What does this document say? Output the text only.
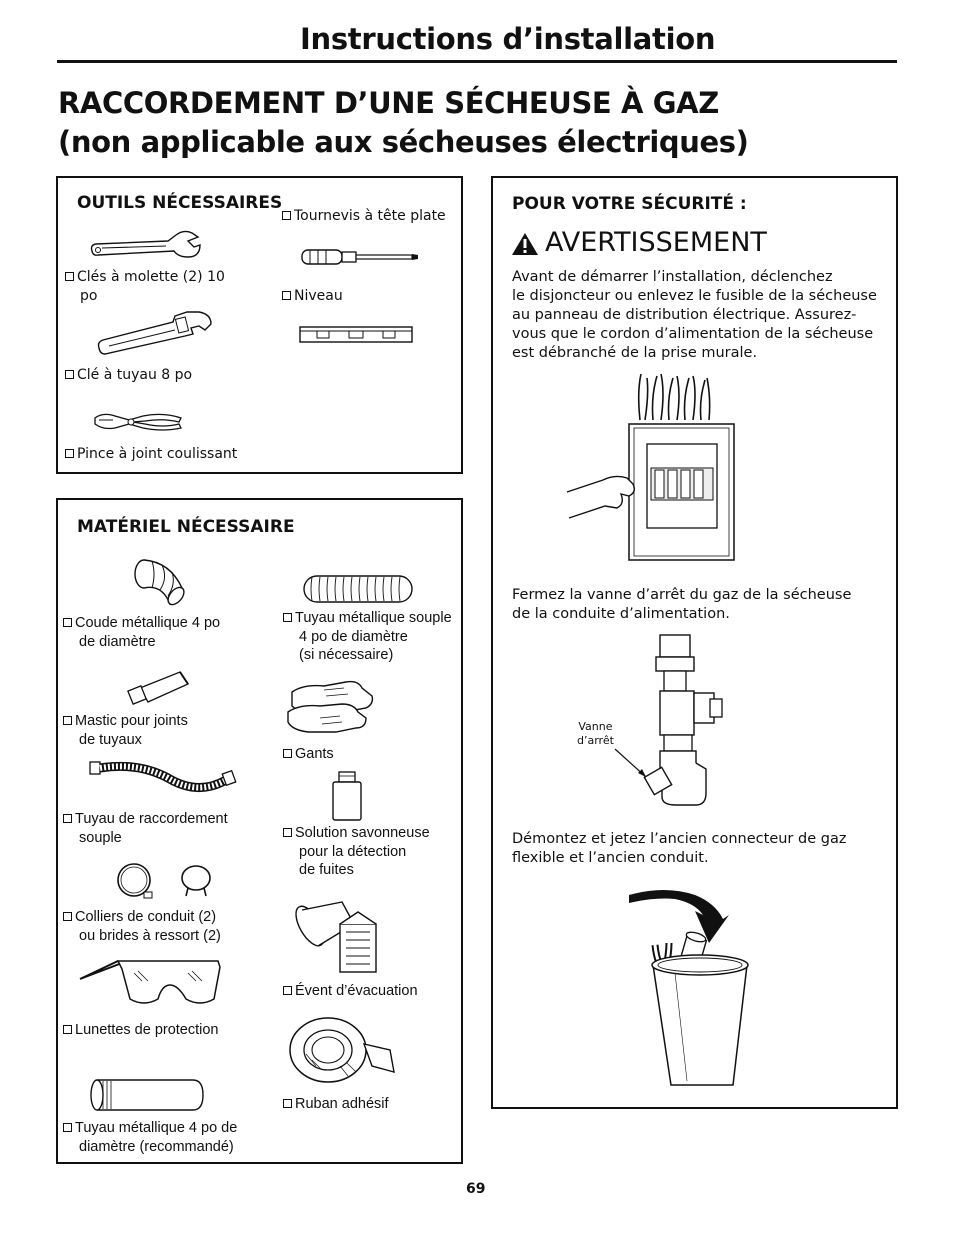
Instructions d’installation
RACCORDEMENT D’UNE SÉCHEUSE À GAZ
(non applicable aux sécheuses électriques)
OUTILS NÉCESSAIRES
Tournevis à tête plate
Clés à molette (2) 10
po	Niveau
Clé à tuyau 8 po
Pince à joint coulissant
MATÉRIEL NÉCESSAIRE
Coude métallique 4 po
de diamètre
Mastic pour joints
de tuyaux
Tuyau de raccordement
souple
Colliers de conduit (2)
ou brides à ressort (2)
Lunettes de protection
Tuyau métallique 4 po de
diamètre (recommandé)
Tuyau métallique souple
4 po de diamètre
(si nécessaire)
Gants
Solution savonneuse
pour la détection
de fuites
Évent d’évacuation
Ruban adhésif
POUR VOTRE SÉCURITÉ :
AVERTISSEMENT
Avant de démarrer l’installation, déclenchez
le disjoncteur ou enlevez le fusible de la sécheuse
au panneau de distribution électrique. Assurez-
vous que le cordon d’alimentation de la sécheuse
est débranché de la prise murale.
Fermez la vanne d’arrêt du gaz de la sécheuse
de la conduite d’alimentation.
Vanne
d’arrêt
Démontez et jetez l’ancien connecteur de gaz
flexible et l’ancien conduit.
69
